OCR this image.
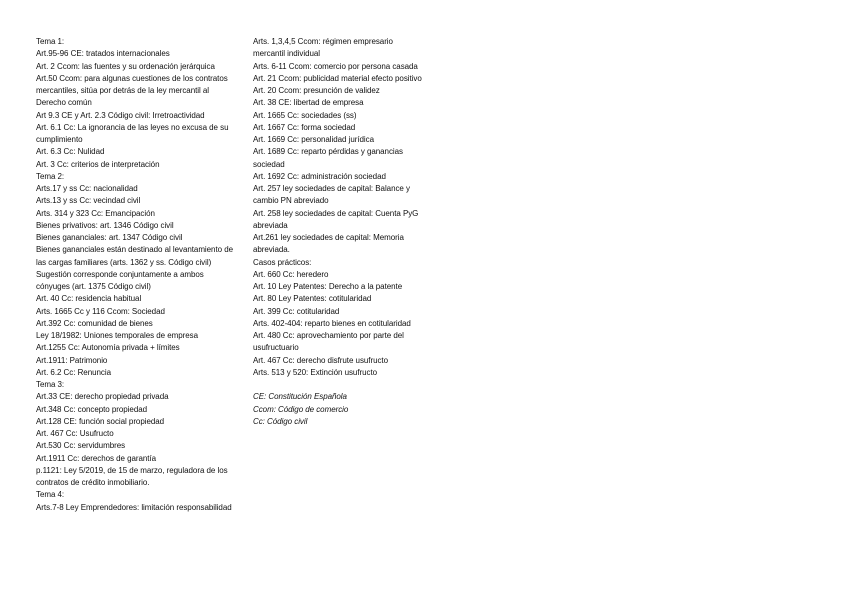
Tema 1:
Art.95-96 CE: tratados internacionales
Art. 2 Ccom: las fuentes y su ordenación jerárquica
Art.50 Ccom: para algunas cuestiones de los contratos mercantiles, sitúa por detrás de la ley mercantil al Derecho común
Art 9.3 CE y Art. 2.3 Código civil: Irretroactividad
Art. 6.1 Cc: La ignorancia de las leyes no excusa de su cumplimiento
Art. 6.3 Cc: Nulidad
Art. 3 Cc: criterios de interpretación
Tema 2:
Arts.17 y ss Cc: nacionalidad
Arts.13 y ss Cc: vecindad civil
Arts. 314 y 323 Cc: Emancipación
Bienes privativos: art. 1346 Código civil
Bienes gananciales: art. 1347 Código civil
Bienes gananciales están destinado al levantamiento de las cargas familiares (arts. 1362 y ss. Código civil)
Sugestión corresponde conjuntamente a ambos cónyuges (art. 1375 Código civil)
Art. 40 Cc: residencia habitual
Arts. 1665 Cc y 116 Ccom: Sociedad
Art.392 Cc: comunidad de bienes
Ley 18/1982: Uniones temporales de empresa
Art.1255 Cc: Autonomía privada + límites
Art.1911: Patrimonio
Art. 6.2 Cc: Renuncia
Tema 3:
Art.33 CE: derecho propiedad privada
Art.348 Cc: concepto propiedad
Art.128 CE: función social propiedad
Art. 467 Cc: Usufructo
Art.530 Cc: servidumbres
Art.1911 Cc: derechos de garantía
p.1121: Ley 5/2019, de 15 de marzo, reguladora de los contratos de crédito inmobiliario.
Tema 4:
Arts.7-8 Ley Emprendedores: limitación responsabilidad
Arts. 1,3,4,5 Ccom: régimen empresario mercantil individual
Arts. 6-11 Ccom: comercio por persona casada
Art. 21 Ccom: publicidad material efecto positivo
Art. 20 Ccom: presunción de validez
Art. 38 CE: libertad de empresa
Art. 1665 Cc: sociedades (ss)
Art. 1667 Cc: forma sociedad
Art. 1669 Cc: personalidad jurídica
Art. 1689 Cc: reparto pérdidas y ganancias sociedad
Art. 1692 Cc: administración sociedad
Art. 257 ley sociedades de capital: Balance y cambio PN abreviado
Art. 258 ley sociedades de capital: Cuenta PyG abreviada
Art.261 ley sociedades de capital: Memoria abreviada.
Casos prácticos:
Art. 660 Cc: heredero
Art. 10 Ley Patentes: Derecho a la patente
Art. 80 Ley Patentes: cotitularidad
Art. 399 Cc: cotitularidad
Arts. 402-404: reparto bienes en cotitularidad
Art. 480 Cc: aprovechamiento por parte del usufructuario
Art. 467 Cc: derecho disfrute usufructo
Arts. 513 y 520: Extinción usufructo
CE: Constitución Española
Ccom: Código de comercio
Cc: Código civil
